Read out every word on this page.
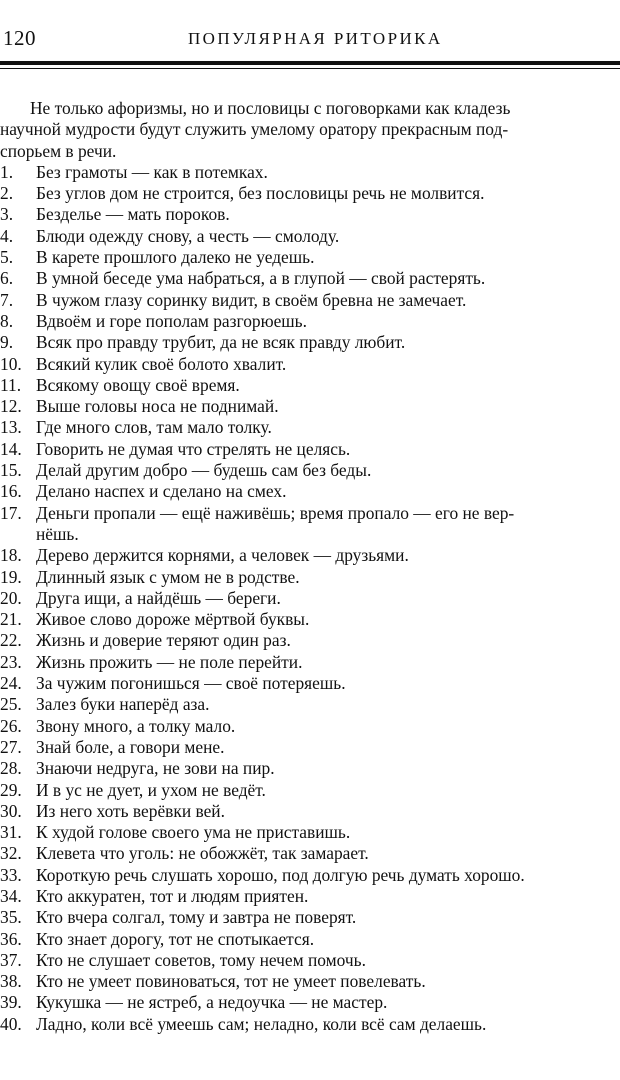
120	ПОПУЛЯРНАЯ РИТОРИКА

Не только афоризмы, но и пословицы с поговорками как кладезь
научной мудрости будут служить умелому оратору прекрасным под-
спорьем в речи.

1.	Без грамоты — как в потемках.
2.	Без углов дом не строится, без пословицы речь не молвится.
3.	Безделье — мать пороков.
4.	Блюди одежду снову, а честь — смолоду.
5.	В карете прошлого далеко не уедешь.
6.	В умной беседе ума набраться, а в глупой — свой растерять.
7.	В чужом глазу соринку видит, в своём бревна не замечает.
8.	Вдвоём и горе пополам разгорюешь.
9.	Всяк про правду трубит, да не всяк правду любит.
10. Всякий кулик своё болото хвалит.
11. Всякому овощу своё время.
12. Выше головы носа не поднимай.
13. Где много слов, там мало толку.
14. Говорить не думая что стрелять не целясь.
15. Делай другим добро — будешь сам без беды.
16. Делано наспех и сделано на смех.
17. Деньги пропали — ещё наживёшь; время пропало — его не вер-
нёшь.
18. Дерево держится корнями, а человек — друзьями.
19. Длинный язык с умом не в родстве.
20. Друга ищи, а найдёшь — береги.
21. Живое слово дороже мёртвой буквы.
22. Жизнь и доверие теряют один раз.
23. Жизнь прожить — не поле перейти.
24. За чужим погонишься — своё потеряешь.
25. Залез буки наперёд аза.
26. Звону много, а толку мало.
27. Знай боле, а говори мене.
28. Знаючи недруга, не зови на пир.
29. И в ус не дует, и ухом не ведёт.
30. Из него хоть верёвки вей.
31. К худой голове своего ума не приставишь.
32. Клевета что уголь: не обожжёт, так замарает.
33. Короткую речь слушать хорошо, под долгую речь думать хорошо.
34. Кто аккуратен, тот и людям приятен.
35. Кто вчера солгал, тому и завтра не поверят.
36. Кто знает дорогу, тот не спотыкается.
37. Кто не слушает советов, тому нечем помочь.
38. Кто не умеет повиноваться, тот не умеет повелевать.
39. Кукушка — не ястреб, а недоучка — не мастер.
40. Ладно, коли всё умеешь сам; неладно, коли всё сам делаешь.
